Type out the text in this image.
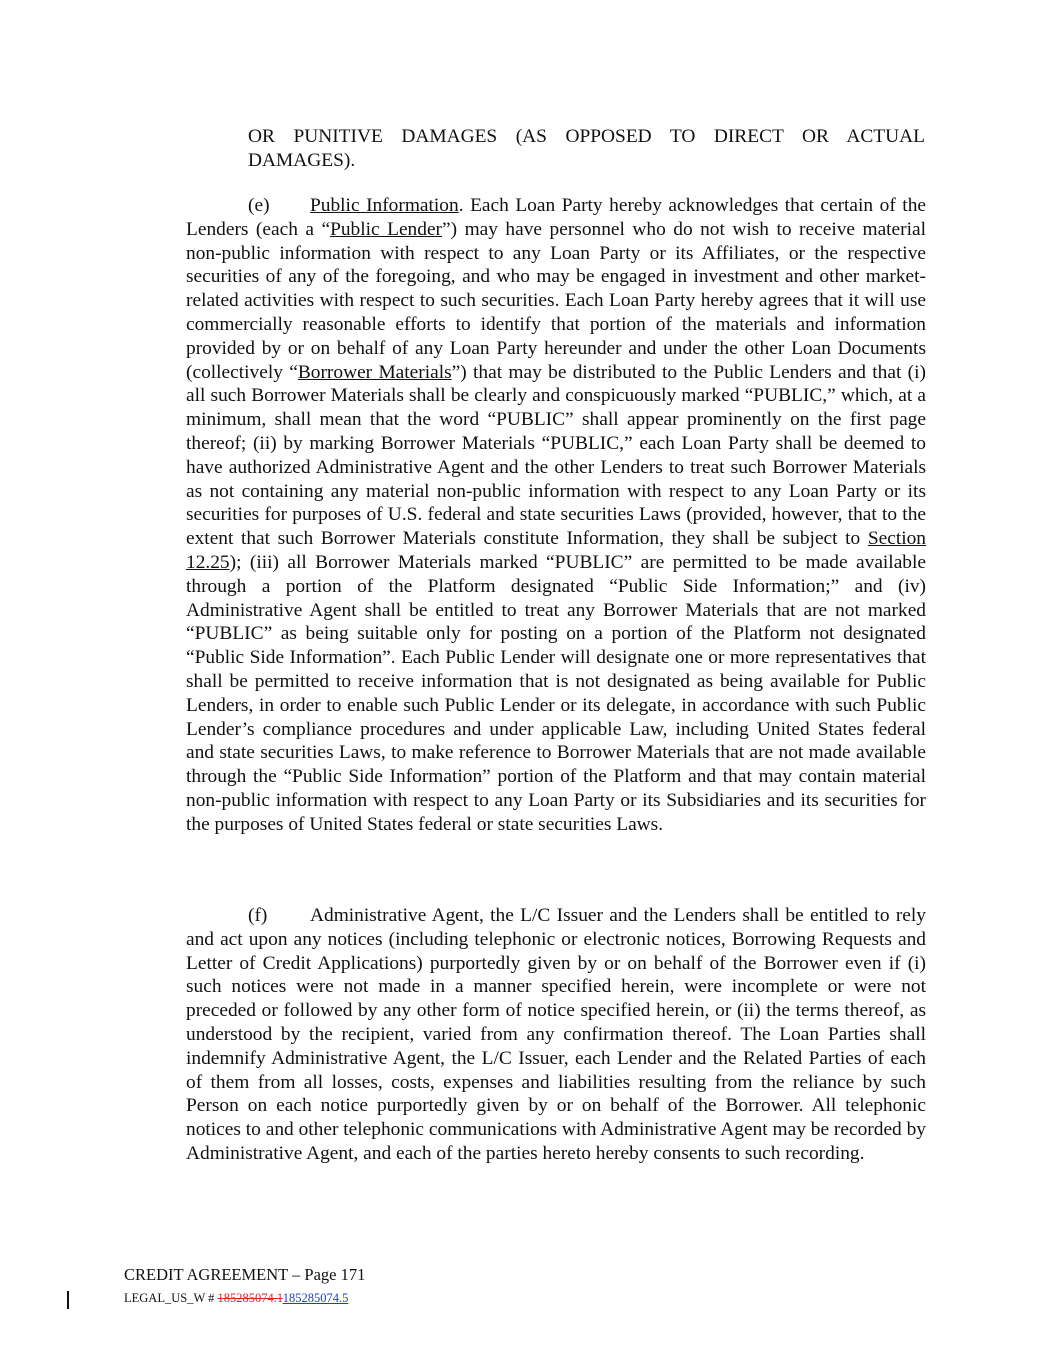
OR PUNITIVE DAMAGES (AS OPPOSED TO DIRECT OR ACTUAL DAMAGES).
(e) Public Information. Each Loan Party hereby acknowledges that certain of the Lenders (each a “Public Lender”) may have personnel who do not wish to receive material non-public information with respect to any Loan Party or its Affiliates, or the respective securities of any of the foregoing, and who may be engaged in investment and other market-related activities with respect to such securities. Each Loan Party hereby agrees that it will use commercially reasonable efforts to identify that portion of the materials and information provided by or on behalf of any Loan Party hereunder and under the other Loan Documents (collectively “Borrower Materials”) that may be distributed to the Public Lenders and that (i) all such Borrower Materials shall be clearly and conspicuously marked “PUBLIC,” which, at a minimum, shall mean that the word “PUBLIC” shall appear prominently on the first page thereof; (ii) by marking Borrower Materials “PUBLIC,” each Loan Party shall be deemed to have authorized Administrative Agent and the other Lenders to treat such Borrower Materials as not containing any material non-public information with respect to any Loan Party or its securities for purposes of U.S. federal and state securities Laws (provided, however, that to the extent that such Borrower Materials constitute Information, they shall be subject to Section 12.25); (iii) all Borrower Materials marked “PUBLIC” are permitted to be made available through a portion of the Platform designated “Public Side Information;” and (iv) Administrative Agent shall be entitled to treat any Borrower Materials that are not marked “PUBLIC” as being suitable only for posting on a portion of the Platform not designated “Public Side Information”. Each Public Lender will designate one or more representatives that shall be permitted to receive information that is not designated as being available for Public Lenders, in order to enable such Public Lender or its delegate, in accordance with such Public Lender’s compliance procedures and under applicable Law, including United States federal and state securities Laws, to make reference to Borrower Materials that are not made available through the “Public Side Information” portion of the Platform and that may contain material non-public information with respect to any Loan Party or its Subsidiaries and its securities for the purposes of United States federal or state securities Laws.
(f) Administrative Agent, the L/C Issuer and the Lenders shall be entitled to rely and act upon any notices (including telephonic or electronic notices, Borrowing Requests and Letter of Credit Applications) purportedly given by or on behalf of the Borrower even if (i) such notices were not made in a manner specified herein, were incomplete or were not preceded or followed by any other form of notice specified herein, or (ii) the terms thereof, as understood by the recipient, varied from any confirmation thereof. The Loan Parties shall indemnify Administrative Agent, the L/C Issuer, each Lender and the Related Parties of each of them from all losses, costs, expenses and liabilities resulting from the reliance by such Person on each notice purportedly given by or on behalf of the Borrower. All telephonic notices to and other telephonic communications with Administrative Agent may be recorded by Administrative Agent, and each of the parties hereto hereby consents to such recording.
CREDIT AGREEMENT – Page 171
LEGAL_US_W # 185285074.1185285074.5
